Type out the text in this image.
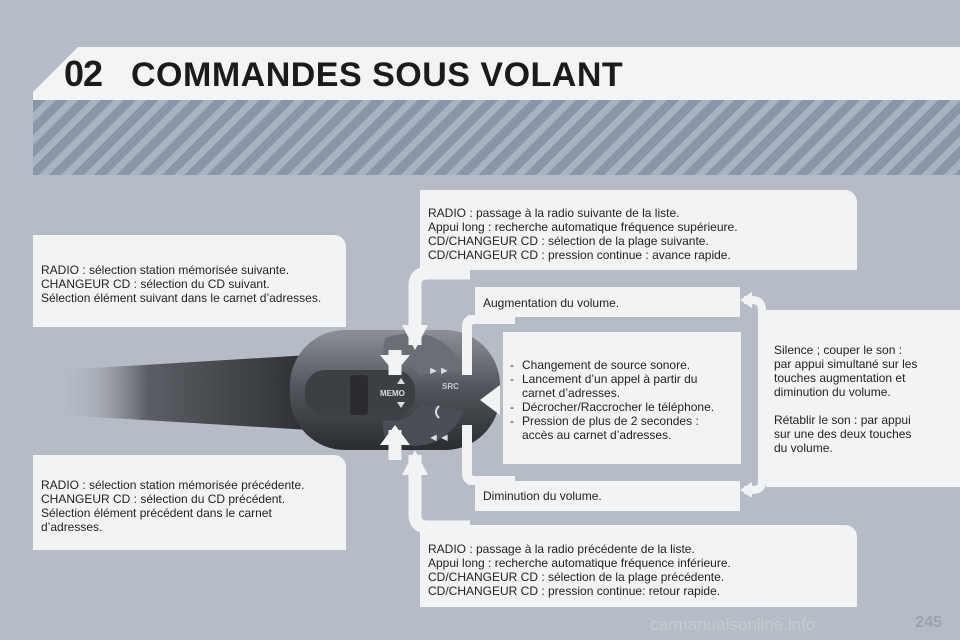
02 COMMANDES SOUS VOLANT
MEMO
SRC
►►
◄◄

RADIO : sélection station mémorisée suivante.

CHANGEUR CD : sélection du CD suivant.

Sélection élément suivant dans le carnet d’adresses.

RADIO : sélection station mémorisée précédente.

CHANGEUR CD : sélection du CD précédent.

Sélection élément précédent dans le carnet d’adresses.

RADIO : passage à la radio suivante de la liste.

Appui long : recherche automatique fréquence supérieure.

CD/CHANGEUR CD : sélection de la plage suivante.

CD/CHANGEUR CD : pression continue : avance rapide.

RADIO : passage à la radio précédente de la liste.

Appui long : recherche automatique fréquence inférieure.

CD/CHANGEUR CD : sélection de la plage précédente.

CD/CHANGEUR CD : pression continue: retour rapide.

Augmentation du volume.

Diminution du volume.

- Changement de source sonore.
- Lancement d’un appel à partir du carnet d’adresses.
- Décrocher/Raccrocher le téléphone.
- Pression de plus de 2 secondes : accès au carnet d’adresses.

Silence ; couper le son : par appui simultané sur les touches augmentation et diminution du volume.

Rétablir le son : par appui sur une des deux touches du volume.

carmanualsonline.info	245
